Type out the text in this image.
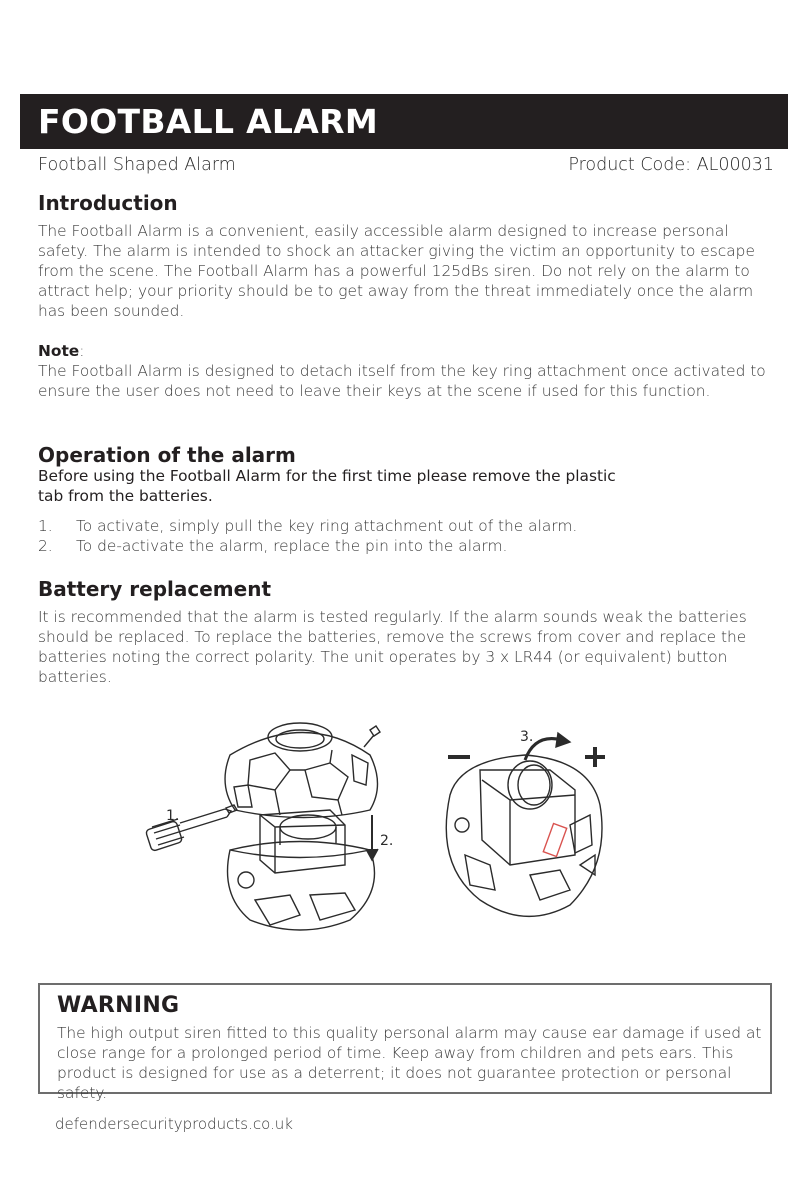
FOOTBALL ALARM
Football Shaped Alarm	Product Code: AL00031
Introduction

The Football Alarm is a convenient, easily accessible alarm designed to increase personal safety. The alarm is intended to shock an attacker giving the victim an opportunity to escape from the scene. The Football Alarm has a powerful 125dBs siren. Do not rely on the alarm to attract help; your priority should be to get away from the threat immediately once the alarm has been sounded.

Note:

The Football Alarm is designed to detach itself from the key ring attachment once activated to ensure the user does not need to leave their keys at the scene if used for this function.

Operation of the alarm

Before using the Football Alarm for the first time please remove the plastic tab from the batteries.

1.	To activate, simply pull the key ring attachment out of the alarm.
2.	To de-activate the alarm, replace the pin into the alarm.
Battery replacement

It is recommended that the alarm is tested regularly. If the alarm sounds weak the batteries should be replaced. To replace the batteries, remove the screws from cover and replace the batteries noting the correct polarity. The unit operates by 3 x LR44 (or equivalent) button batteries.

1.
2.
3.
WARNING

The high output siren fitted to this quality personal alarm may cause ear damage if used at close range for a prolonged period of time. Keep away from children and pets ears. This product is designed for use as a deterrent; it does not guarantee protection or personal safety.

defendersecurityproducts.co.uk
